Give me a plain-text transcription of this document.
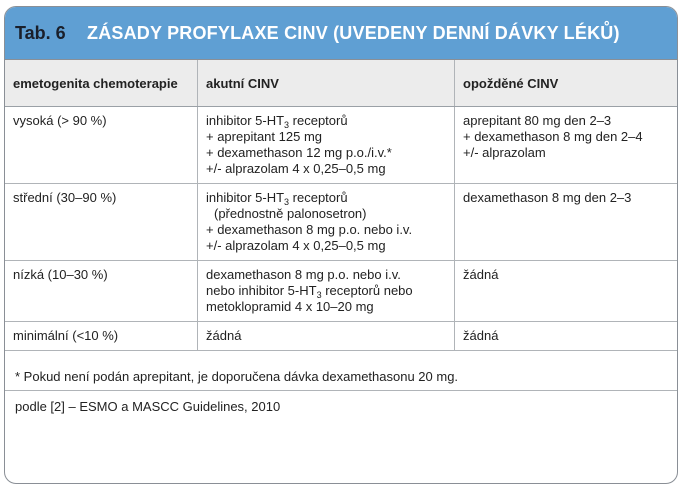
Tab. 6	ZÁSADY PROFYLAXE CINV (UVEDENY DENNÍ DÁVKY LÉKŮ)
emetogenita chemoterapie	akutní CINV	opožděné CINV
vysoká (> 90 %)	inhibitor $5-HT_3$ receptorů
+ aprepitant 125 mg
+ dexamethason 12 mg p.o./i.v.*
+/- alprazolam 4 x 0,25–0,5 mg	aprepitant 80 mg den 2–3
+ dexamethason 8 mg den 2–4
+/- alprazolam

střední (30–90 %)	inhibitor $5-HT_3$ receptorů
(přednostně palonosetron)
+ dexamethason 8 mg p.o. nebo i.v.
+/- alprazolam 4 x 0,25–0,5 mg	dexamethason 8 mg den 2–3

nízká (10–30 %)	dexamethason 8 mg p.o. nebo i.v.
nebo inhibitor $5-HT_3$ receptorů nebo
metoklopramid 4 x 10–20 mg	žádná

minimální (<10 %)	žádná	žádná
* Pokud není podán aprepitant, je doporučena dávka dexamethasonu 20 mg.
podle [2] – ESMO a MASCC Guidelines, 2010
